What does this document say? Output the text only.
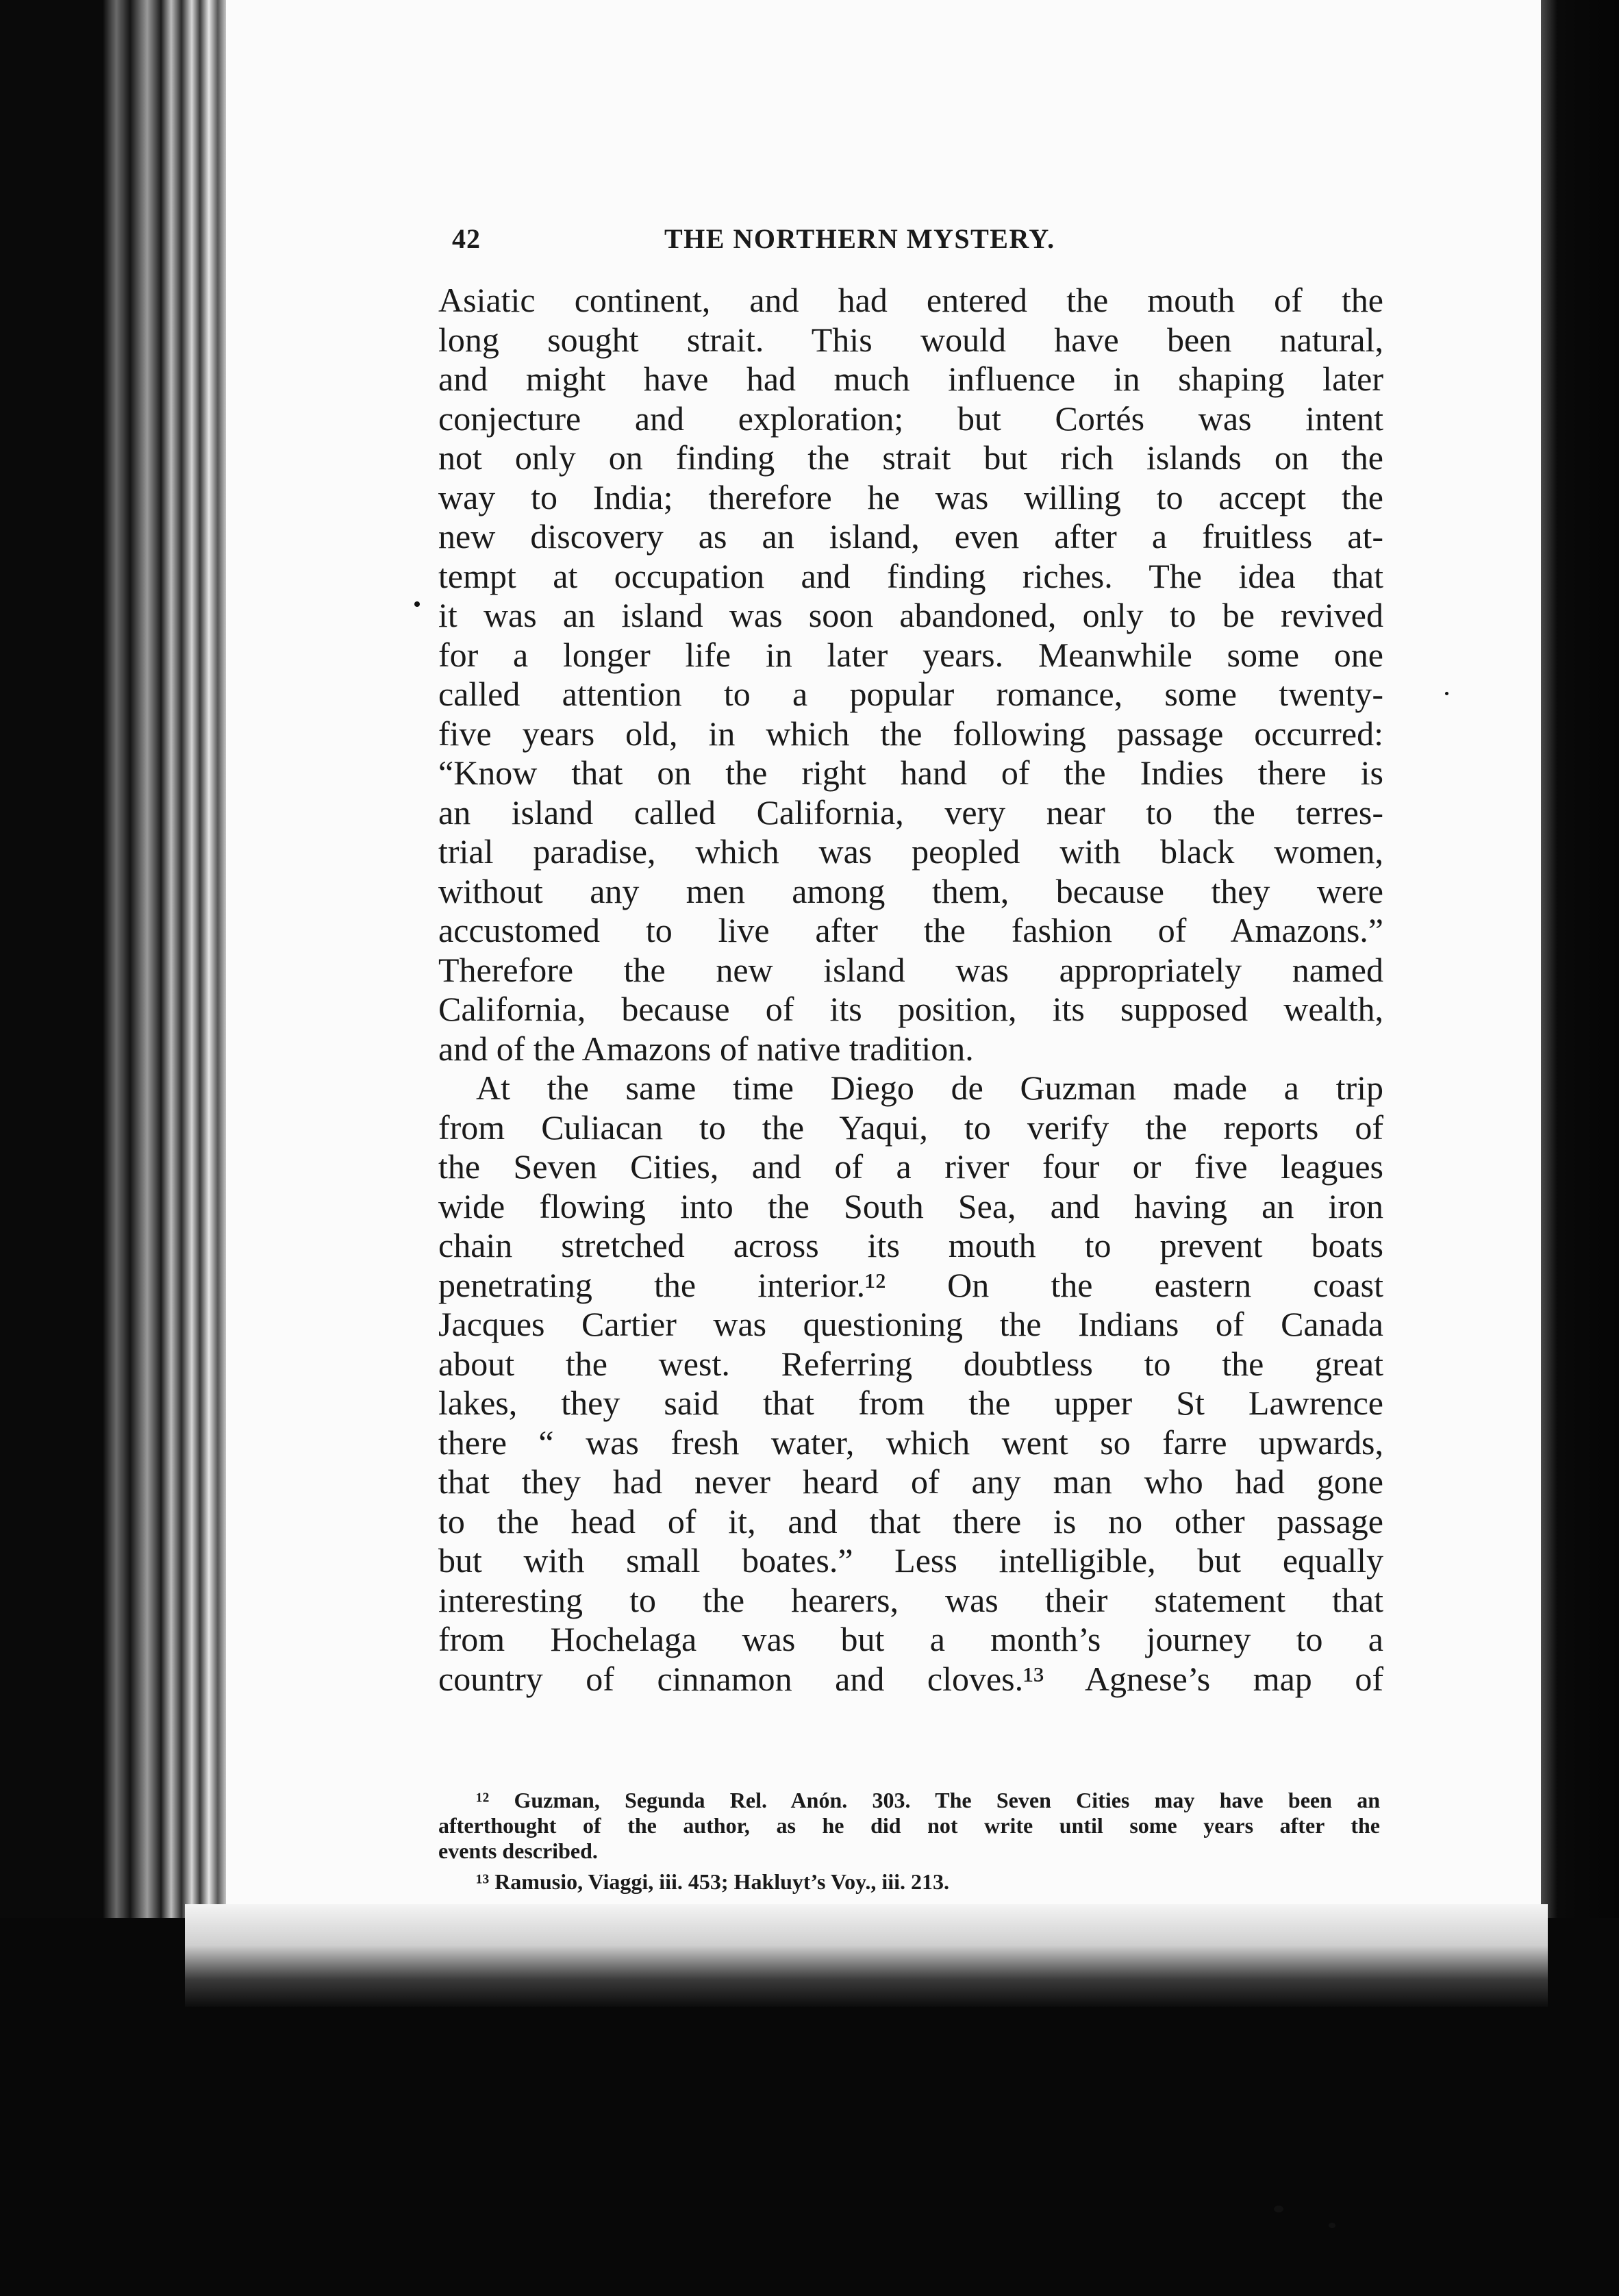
42	THE NORTHERN MYSTERY.
Asiatic continent, and had entered the mouth of the
long sought strait. This would have been natural,
and might have had much influence in shaping later
conjecture and exploration; but Cortés was intent
not only on finding the strait but rich islands on the
way to India; therefore he was willing to accept the
new discovery as an island, even after a fruitless at-
tempt at occupation and finding riches. The idea that
it was an island was soon abandoned, only to be revived
for a longer life in later years. Meanwhile some one
called attention to a popular romance, some twenty-
five years old, in which the following passage occurred:
“Know that on the right hand of the Indies there is
an island called California, very near to the terres-
trial paradise, which was peopled with black women,
without any men among them, because they were
accustomed to live after the fashion of Amazons.”
Therefore the new island was appropriately named
California, because of its position, its supposed wealth,
and of the Amazons of native tradition.
At the same time Diego de Guzman made a trip
from Culiacan to the Yaqui, to verify the reports of
the Seven Cities, and of a river four or five leagues
wide flowing into the South Sea, and having an iron
chain stretched across its mouth to prevent boats
penetrating the interior.¹² On the eastern coast
Jacques Cartier was questioning the Indians of Canada
about the west. Referring doubtless to the great
lakes, they said that from the upper St Lawrence
there “ was fresh water, which went so farre upwards,
that they had never heard of any man who had gone
to the head of it, and that there is no other passage
but with small boates.” Less intelligible, but equally
interesting to the hearers, was their statement that
from Hochelaga was but a month’s journey to a
country of cinnamon and cloves.¹³ Agnese’s map of
¹² Guzman, Segunda Rel. Anón. 303. The Seven Cities may have been an
afterthought of the author, as he did not write until some years after the
events described.
¹³ Ramusio, Viaggi, iii. 453; Hakluyt’s Voy., iii. 213.
